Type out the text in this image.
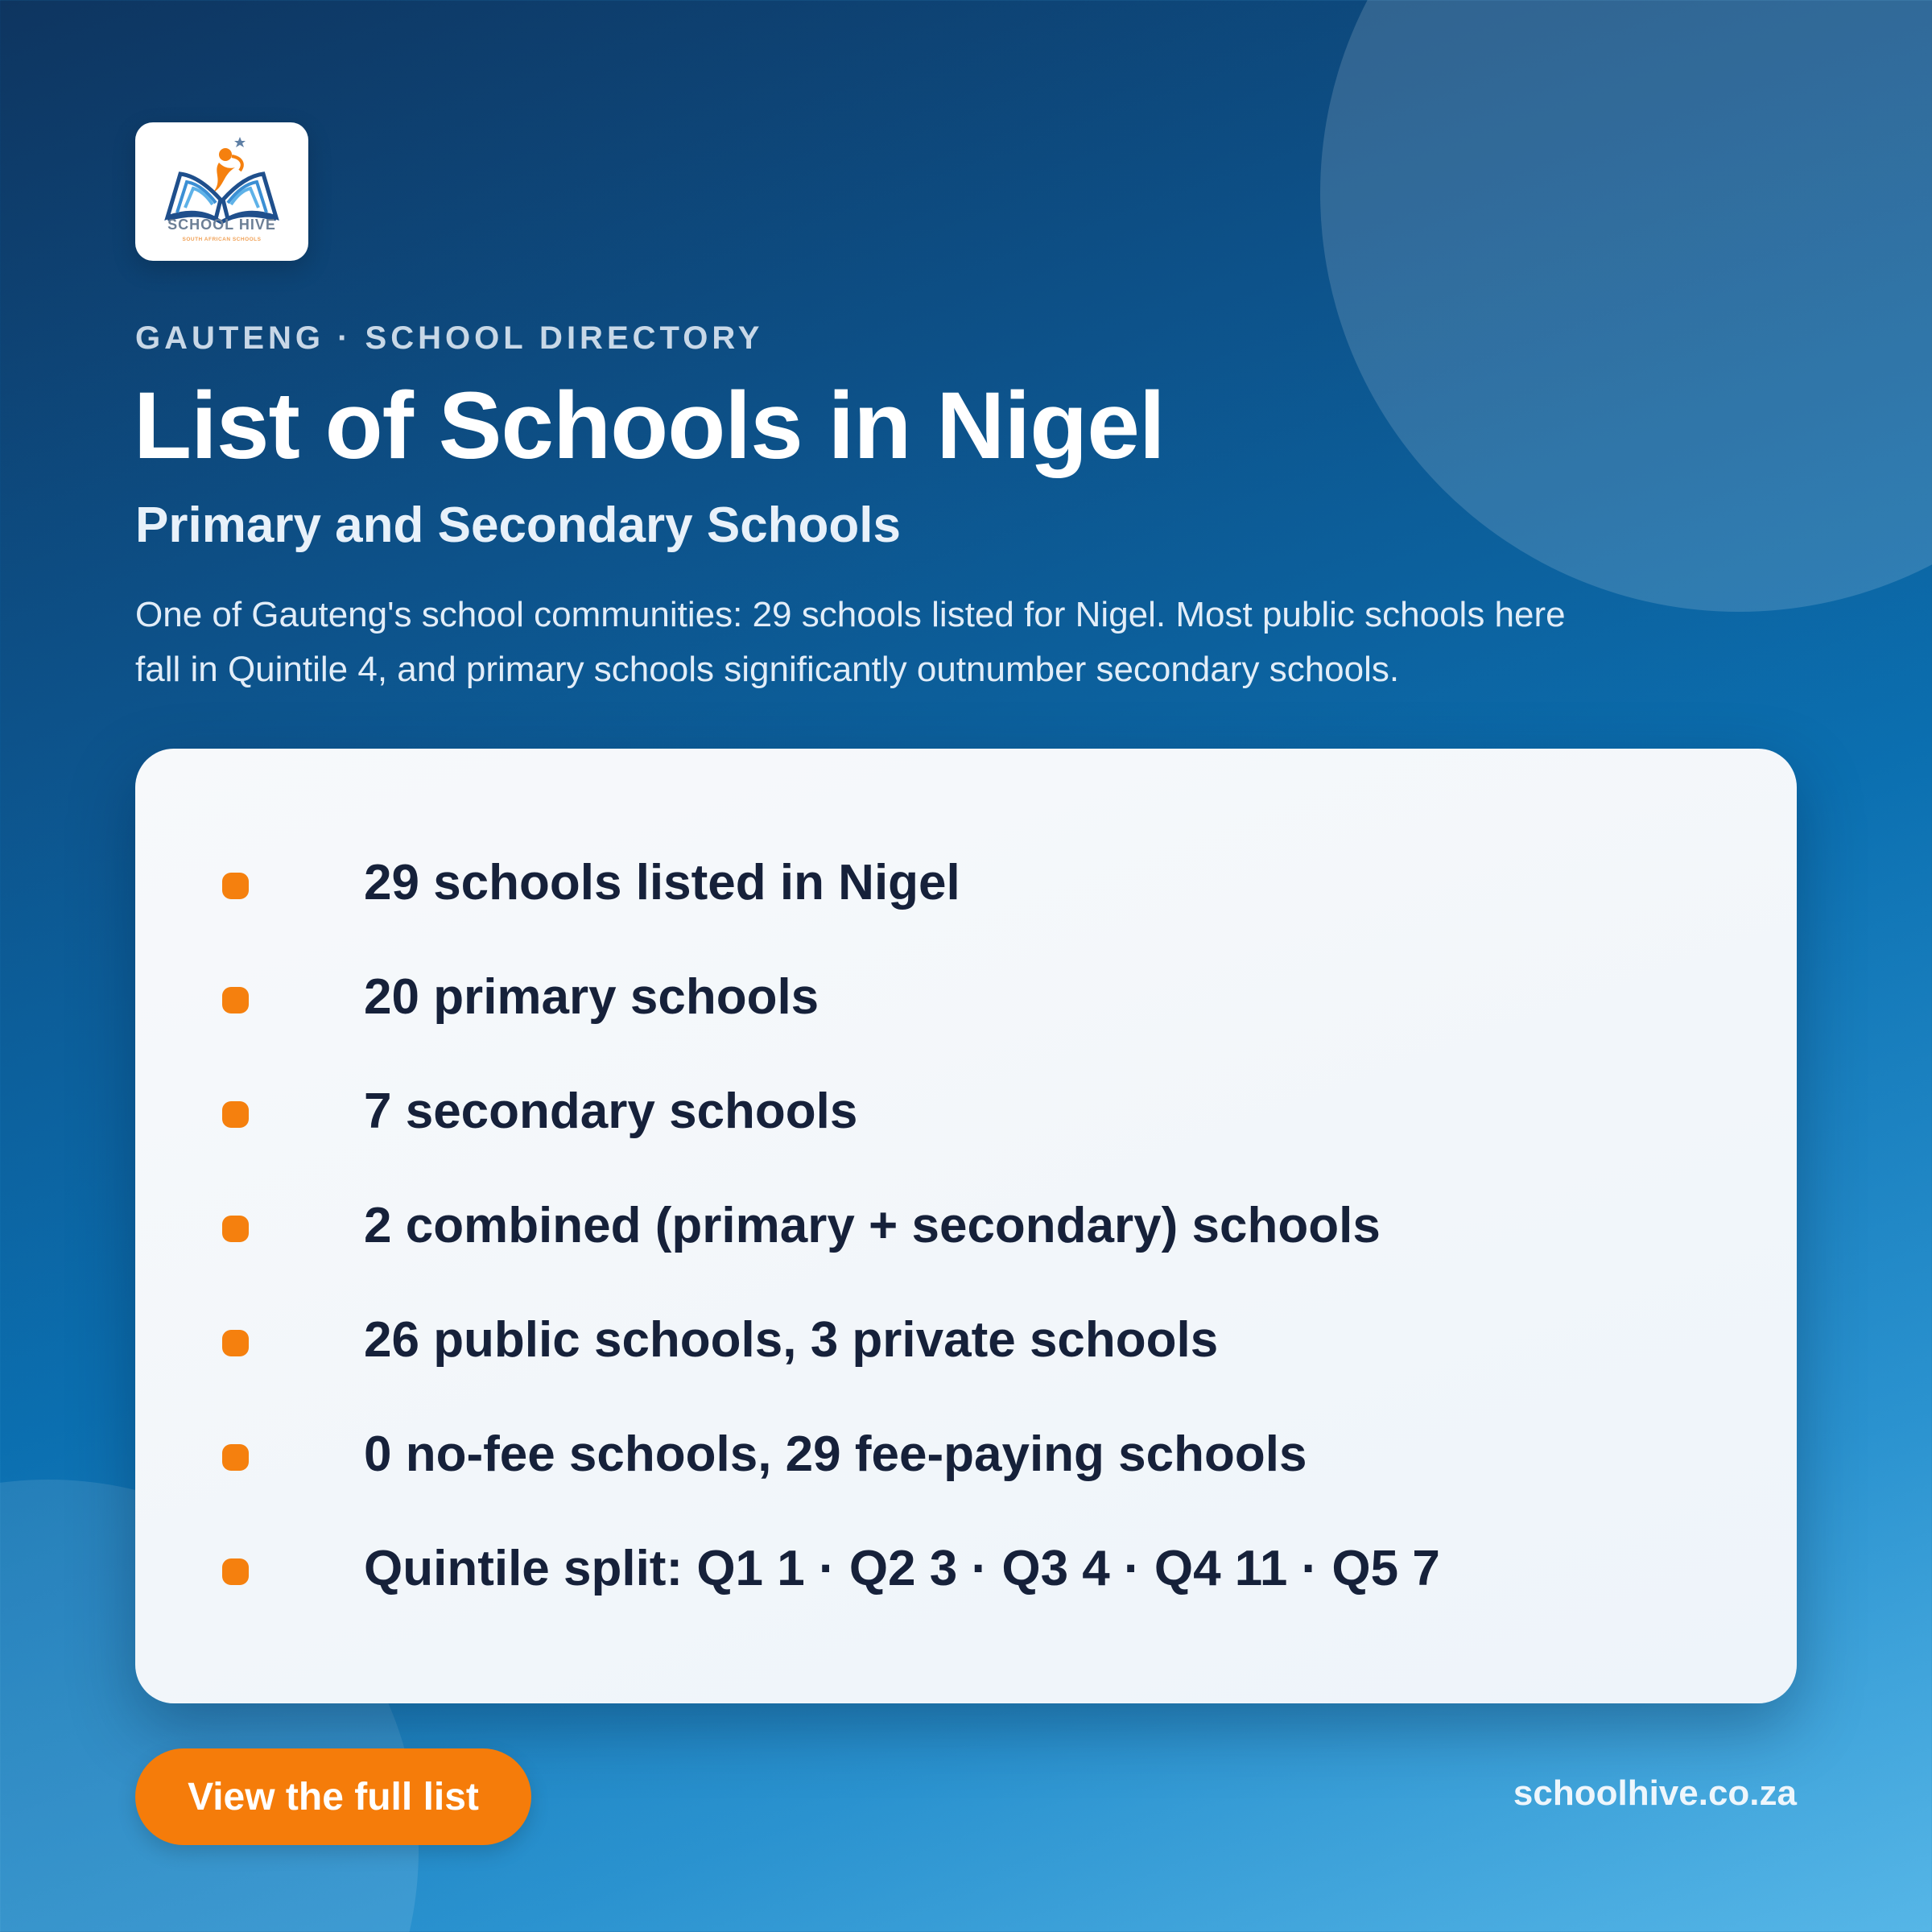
SCHOOL HIVE
SOUTH AFRICAN SCHOOLS
GAUTENG · SCHOOL DIRECTORY
List of Schools in Nigel
Primary and Secondary Schools

One of Gauteng's school communities: 29 schools listed for Nigel. Most public schools here fall in Quintile 4, and primary schools significantly outnumber secondary schools.

29 schools listed in Nigel
20 primary schools
7 secondary schools
2 combined (primary + secondary) schools
26 public schools, 3 private schools
0 no-fee schools, 29 fee-paying schools
Quintile split: Q1 1 · Q2 3 · Q3 4 · Q4 11 · Q5 7
View the full list	schoolhive.co.za
